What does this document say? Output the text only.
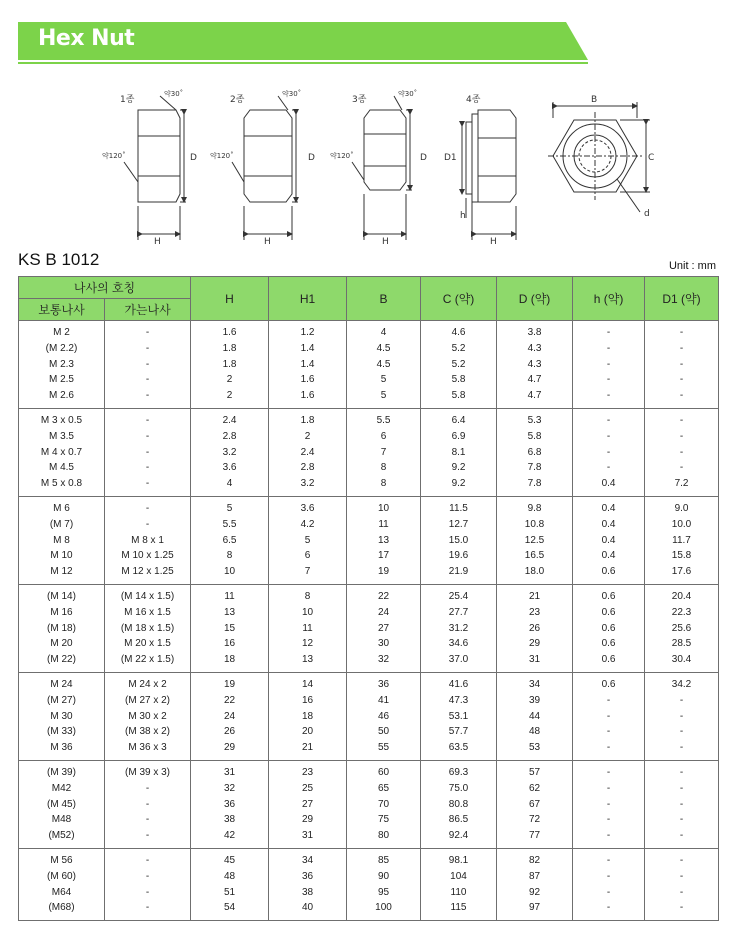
Hex Nut
1종	2종	3종	4종
약30˚	약30˚	약30˚
약120˚	약120˚	약120˚
D	D	D D1
H	H	H	H
h
B
C
d
KS B 1012	Unit : mm
나사의 호칭		H	H1	B	C (약)	D (약)	h (약)	D1 (약)
보통나사	가는나사							
M 2	-	1.6	1.2	4	4.6	3.8	-	-
(M 2.2)	-	1.8	1.4	4.5	5.2	4.3	-	-
M 2.3	-	1.8	1.4	4.5	5.2	4.3	-	-
M 2.5	-	2	1.6	5	5.8	4.7	-	-
M 2.6	-	2	1.6	5	5.8	4.7	-	-
M 3 x 0.5	-	2.4	1.8	5.5	6.4	5.3	-	-
M 3.5	-	2.8	2	6	6.9	5.8	-	-
M 4 x 0.7	-	3.2	2.4	7	8.1	6.8	-	-
M 4.5	-	3.6	2.8	8	9.2	7.8	-	-
M 5 x 0.8	-	4	3.2	8	9.2	7.8	0.4	7.2
M 6	-	5	3.6	10	11.5	9.8	0.4	9.0
(M 7)	-	5.5	4.2	11	12.7	10.8	0.4	10.0
M 8	M 8 x 1	6.5	5	13	15.0	12.5	0.4	11.7
M 10	M 10 x 1.25	8	6	17	19.6	16.5	0.4	15.8
M 12	M 12 x 1.25	10	7	19	21.9	18.0	0.6	17.6
(M 14)	(M 14 x 1.5)	11	8	22	25.4	21	0.6	20.4
M 16	M 16 x 1.5	13	10	24	27.7	23	0.6	22.3
(M 18)	(M 18 x 1.5)	15	11	27	31.2	26	0.6	25.6
M 20	M 20 x 1.5	16	12	30	34.6	29	0.6	28.5
(M 22)	(M 22 x 1.5)	18	13	32	37.0	31	0.6	30.4
M 24	M 24 x 2	19	14	36	41.6	34	0.6	34.2
(M 27)	(M 27 x 2)	22	16	41	47.3	39	-	-
M 30	M 30 x 2	24	18	46	53.1	44	-	-
(M 33)	(M 38 x 2)	26	20	50	57.7	48	-	-
M 36	M 36 x 3	29	21	55	63.5	53	-	-
(M 39)	(M 39 x 3)	31	23	60	69.3	57	-	-
M42	-	32	25	65	75.0	62	-	-
(M 45)	-	36	27	70	80.8	67	-	-
M48	-	38	29	75	86.5	72	-	-
(M52)	-	42	31	80	92.4	77	-	-
M 56	-	45	34	85	98.1	82	-	-
(M 60)	-	48	36	90	104	87	-	-
M64	-	51	38	95	110	92	-	-
(M68)	-	54	40	100	115	97	-	-
